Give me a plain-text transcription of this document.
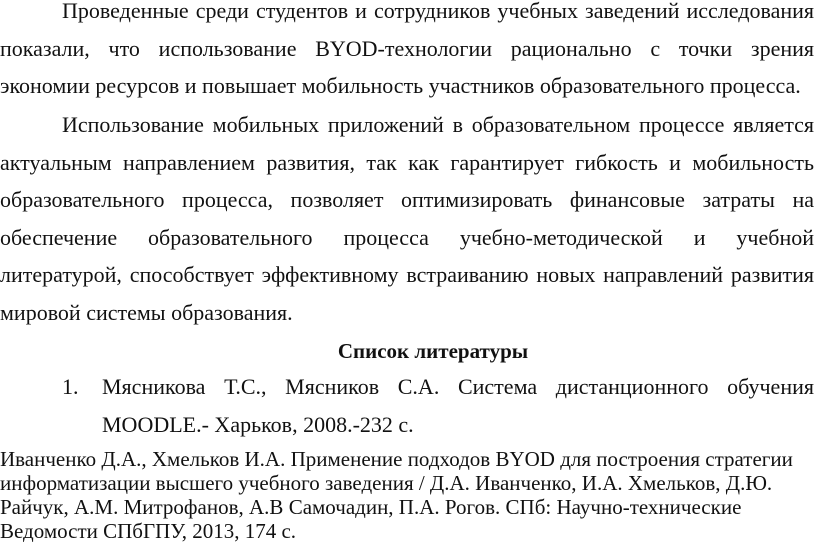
Проведенные среди студентов и сотрудников учебных заведений исследования показали, что использование BYOD-технологии рационально с точки зрения экономии ресурсов и повышает мобильность участников образовательного процесса.

Использование мобильных приложений в образовательном процессе является актуальным направлением развития, так как гарантирует гибкость и мобильность образовательного процесса, позволяет оптимизировать финансовые затраты на обеспечение образовательного процесса учебно-методической и учебной литературой, способствует эффективному встраиванию новых направлений развития мировой системы образования.

Список литературы
1. Мясникова Т.С., Мясников С.А. Система дистанционного обучения
MOODLE.- Харьков, 2008.-232 с.

Иванченко Д.А., Хмельков И.А. Применение подходов BYOD для построения стратегии информатизации высшего учебного заведения / Д.А. Иванченко, И.А. Хмельков, Д.Ю. Райчук, А.М. Митрофанов, А.В Самочадин, П.А. Рогов. СПб: Научно-технические Ведомости СПбГПУ, 2013, 174 с.
